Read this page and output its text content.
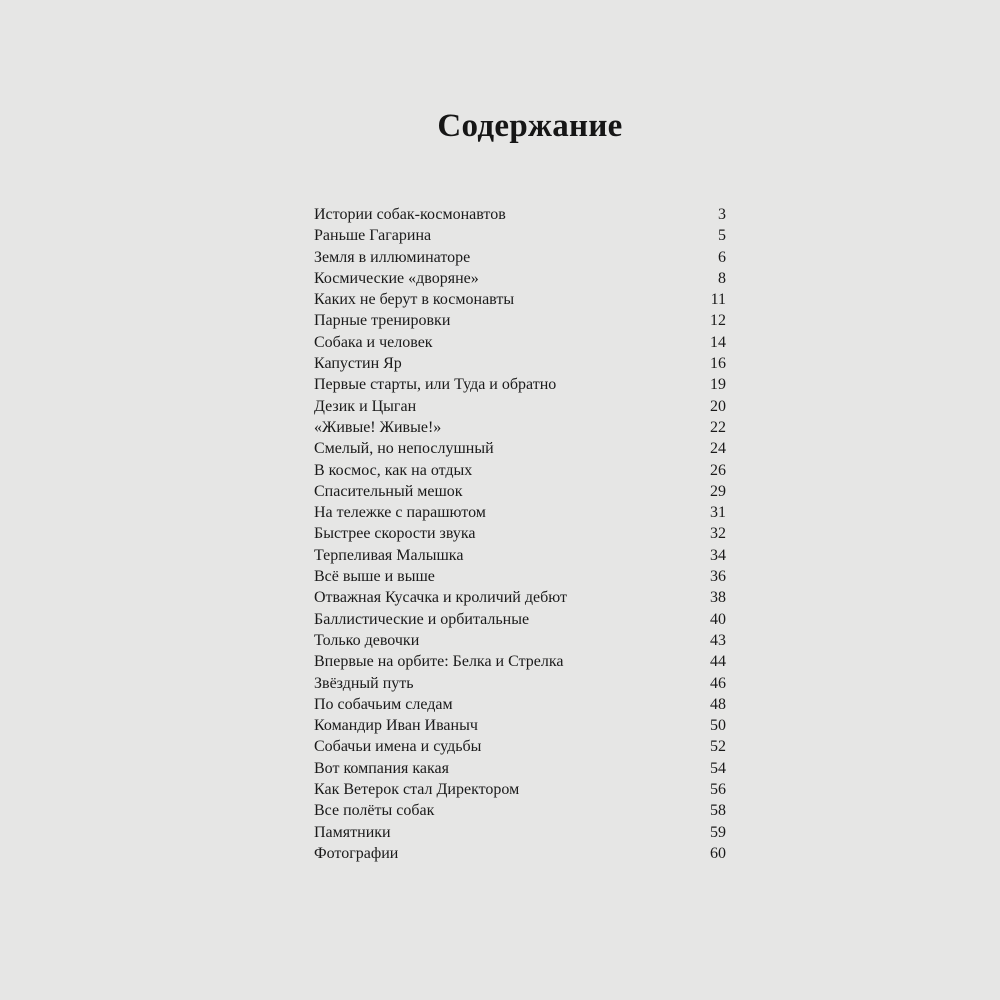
Содержание
Истории собак-космонавтов	3
Раньше Гагарина	5
Земля в иллюминаторе	6
Космические «дворяне»	8
Каких не берут в космонавты	11
Парные тренировки	12
Собака и человек	14
Капустин Яр	16
Первые старты, или Туда и обратно	19
Дезик и Цыган	20
«Живые! Живые!»	22
Смелый, но непослушный	24
В космос, как на отдых	26
Спасительный мешок	29
На тележке с парашютом	31
Быстрее скорости звука	32
Терпеливая Малышка	34
Всё выше и выше	36
Отважная Кусачка и кроличий дебют	38
Баллистические и орбитальные	40
Только девочки	43
Впервые на орбите: Белка и Стрелка	44
Звёздный путь	46
По собачьим следам	48
Командир Иван Иваныч	50
Собачьи имена и судьбы	52
Вот компания какая	54
Как Ветерок стал Директором	56
Все полёты собак	58
Памятники	59
Фотографии	60
